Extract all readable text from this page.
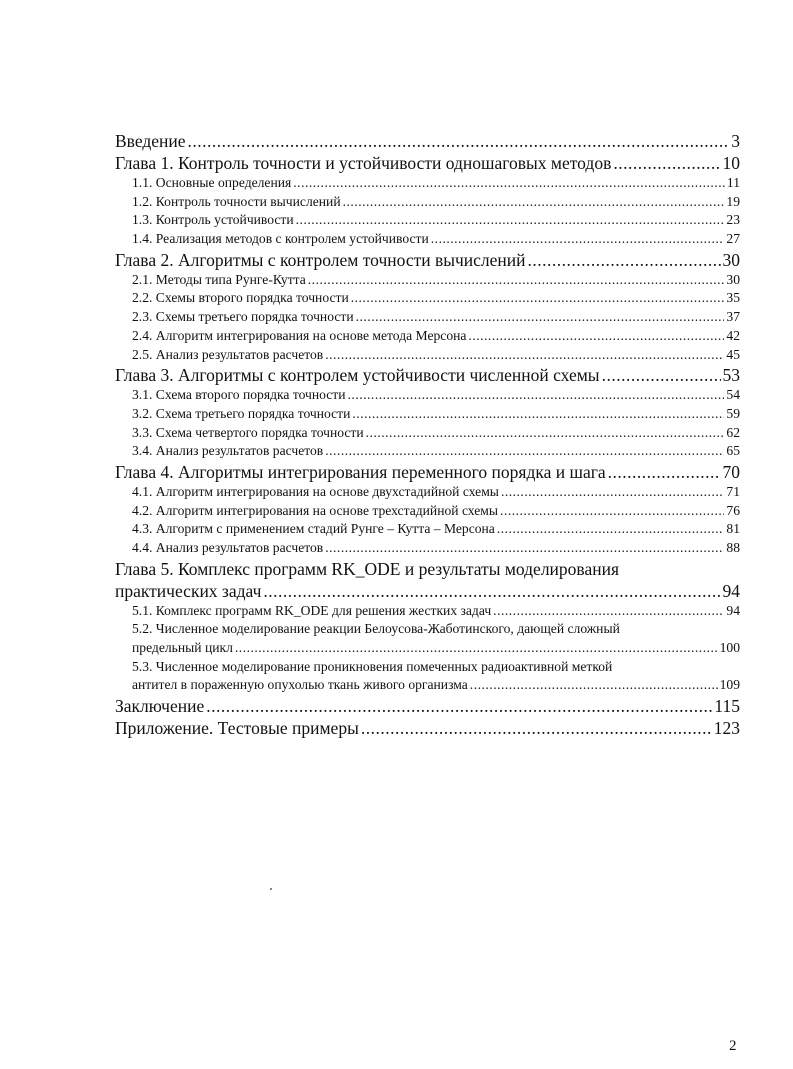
Введение .....	3
Глава 1. Контроль точности и устойчивости одношаговых методов .....	10
1.1. Основные определения .....	11
1.2. Контроль точности вычислений .....	19
1.3. Контроль устойчивости .....	23
1.4. Реализация методов с контролем устойчивости .....	27
Глава 2. Алгоритмы с контролем точности вычислений .....	30
2.1. Методы типа Рунге-Кутта .....	30
2.2. Схемы второго порядка точности .....	35
2.3. Схемы третьего порядка точности .....	37
2.4. Алгоритм интегрирования на основе метода Мерсона .....	42
2.5. Анализ результатов расчетов .....	45
Глава 3. Алгоритмы с контролем устойчивости численной схемы .....	53
3.1. Схема второго порядка точности .....	54
3.2. Схема третьего порядка точности .....	59
3.3. Схема четвертого порядка точности .....	62
3.4. Анализ результатов расчетов .....	65
Глава 4. Алгоритмы интегрирования переменного порядка и шага .....	70
4.1. Алгоритм интегрирования на основе двухстадийной схемы .....	71
4.2. Алгоритм интегрирования на основе трехстадийной схемы .....	76
4.3. Алгоритм с применением стадий Рунге – Кутта – Мерсона .....	81
4.4. Анализ результатов расчетов .....	88
Глава 5. Комплекс программ RK_ODE и результаты моделирования
практических задач .....	94
5.1. Комплекс программ RK_ODE для решения жестких задач .....	94
5.2. Численное моделирование реакции Белоусова-Жаботинского, дающей сложный
предельный цикл .....	100
5.3. Численное моделирование проникновения помеченных радиоактивной меткой
антител в пораженную опухолью ткань живого организма .....	109
Заключение .....	115
Приложение. Тестовые примеры .....	123
2
